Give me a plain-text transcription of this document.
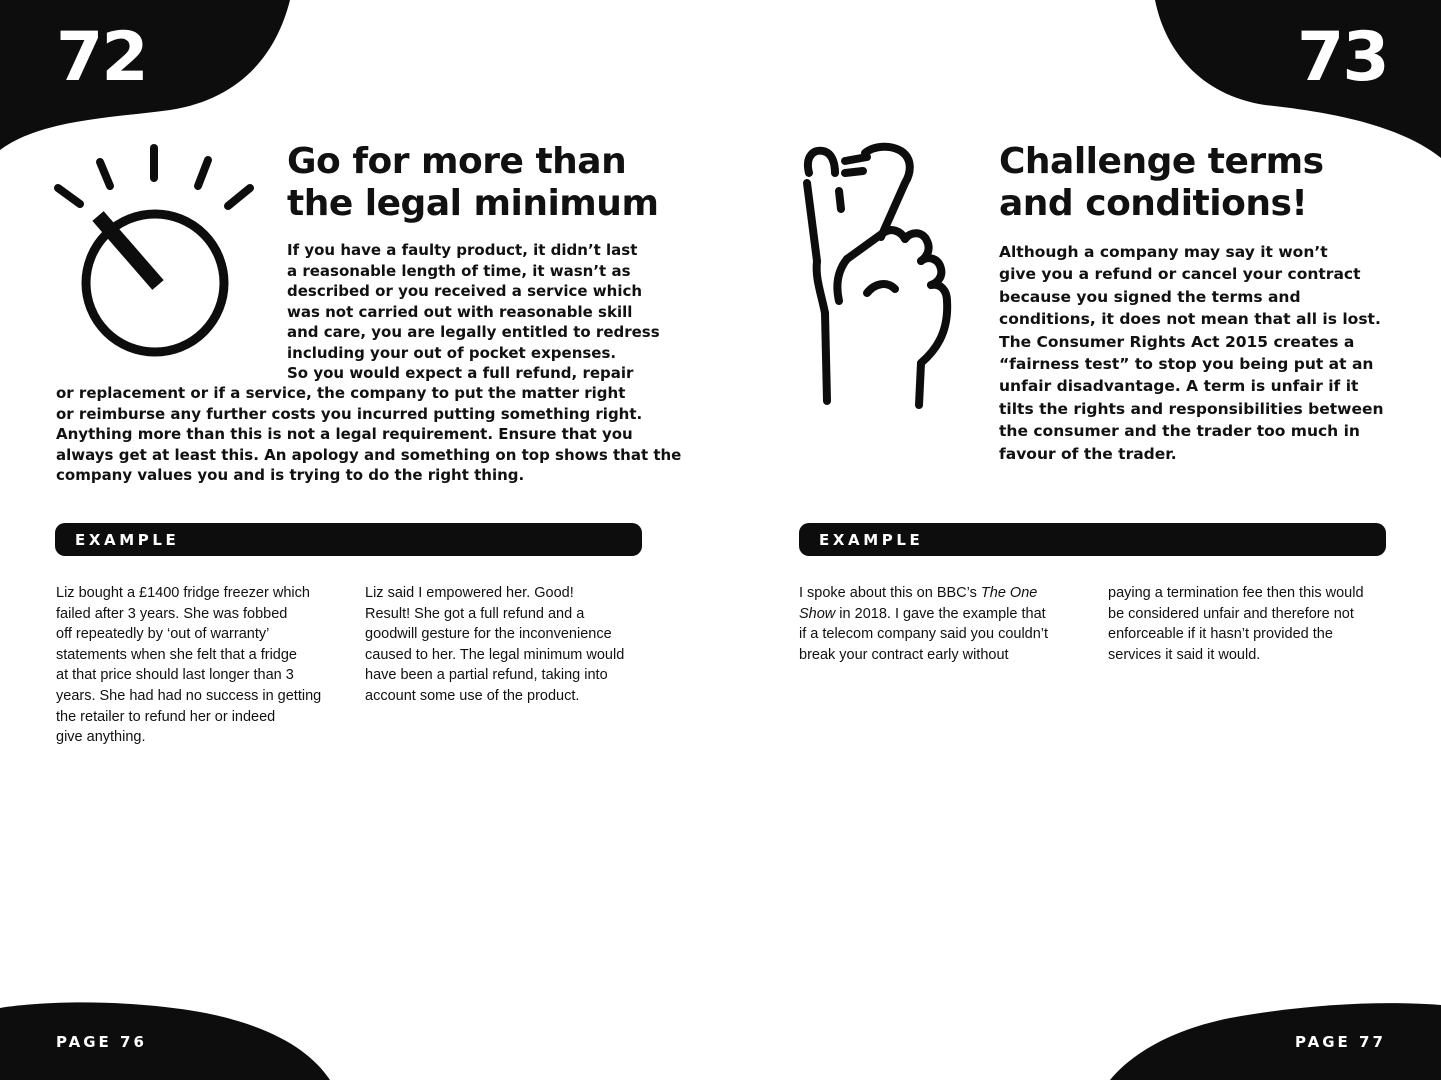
72	73
Go for more than
the legal minimum
If you have a faulty product, it didn’t last
a reasonable length of time, it wasn’t as
described or you received a service which
was not carried out with reasonable skill
and care, you are legally entitled to redress
including your out of pocket expenses.
So you would expect a full refund, repair
or replacement or if a service, the company to put the matter right
or reimburse any further costs you incurred putting something right.
Anything more than this is not a legal requirement. Ensure that you
always get at least this. An apology and something on top shows that the
company values you and is trying to do the right thing.
EXAMPLE
Liz bought a £1400 fridge freezer which
failed after 3 years. She was fobbed
off repeatedly by ‘out of warranty’
statements when she felt that a fridge
at that price should last longer than 3
years. She had had no success in getting
the retailer to refund her or indeed
give anything.
Liz said I empowered her. Good!
Result! She got a full refund and a
goodwill gesture for the inconvenience
caused to her. The legal minimum would
have been a partial refund, taking into
account some use of the product.
Challenge terms
and conditions!
Although a company may say it won’t
give you a refund or cancel your contract
because you signed the terms and
conditions, it does not mean that all is lost.
The Consumer Rights Act 2015 creates a
“fairness test” to stop you being put at an
unfair disadvantage. A term is unfair if it
tilts the rights and responsibilities between
the consumer and the trader too much in
favour of the trader.
EXAMPLE
I spoke about this on BBC’s The One
Show in 2018. I gave the example that
if a telecom company said you couldn’t
break your contract early without
paying a termination fee then this would
be considered unfair and therefore not
enforceable if it hasn’t provided the
services it said it would.
PAGE 76	PAGE 77
